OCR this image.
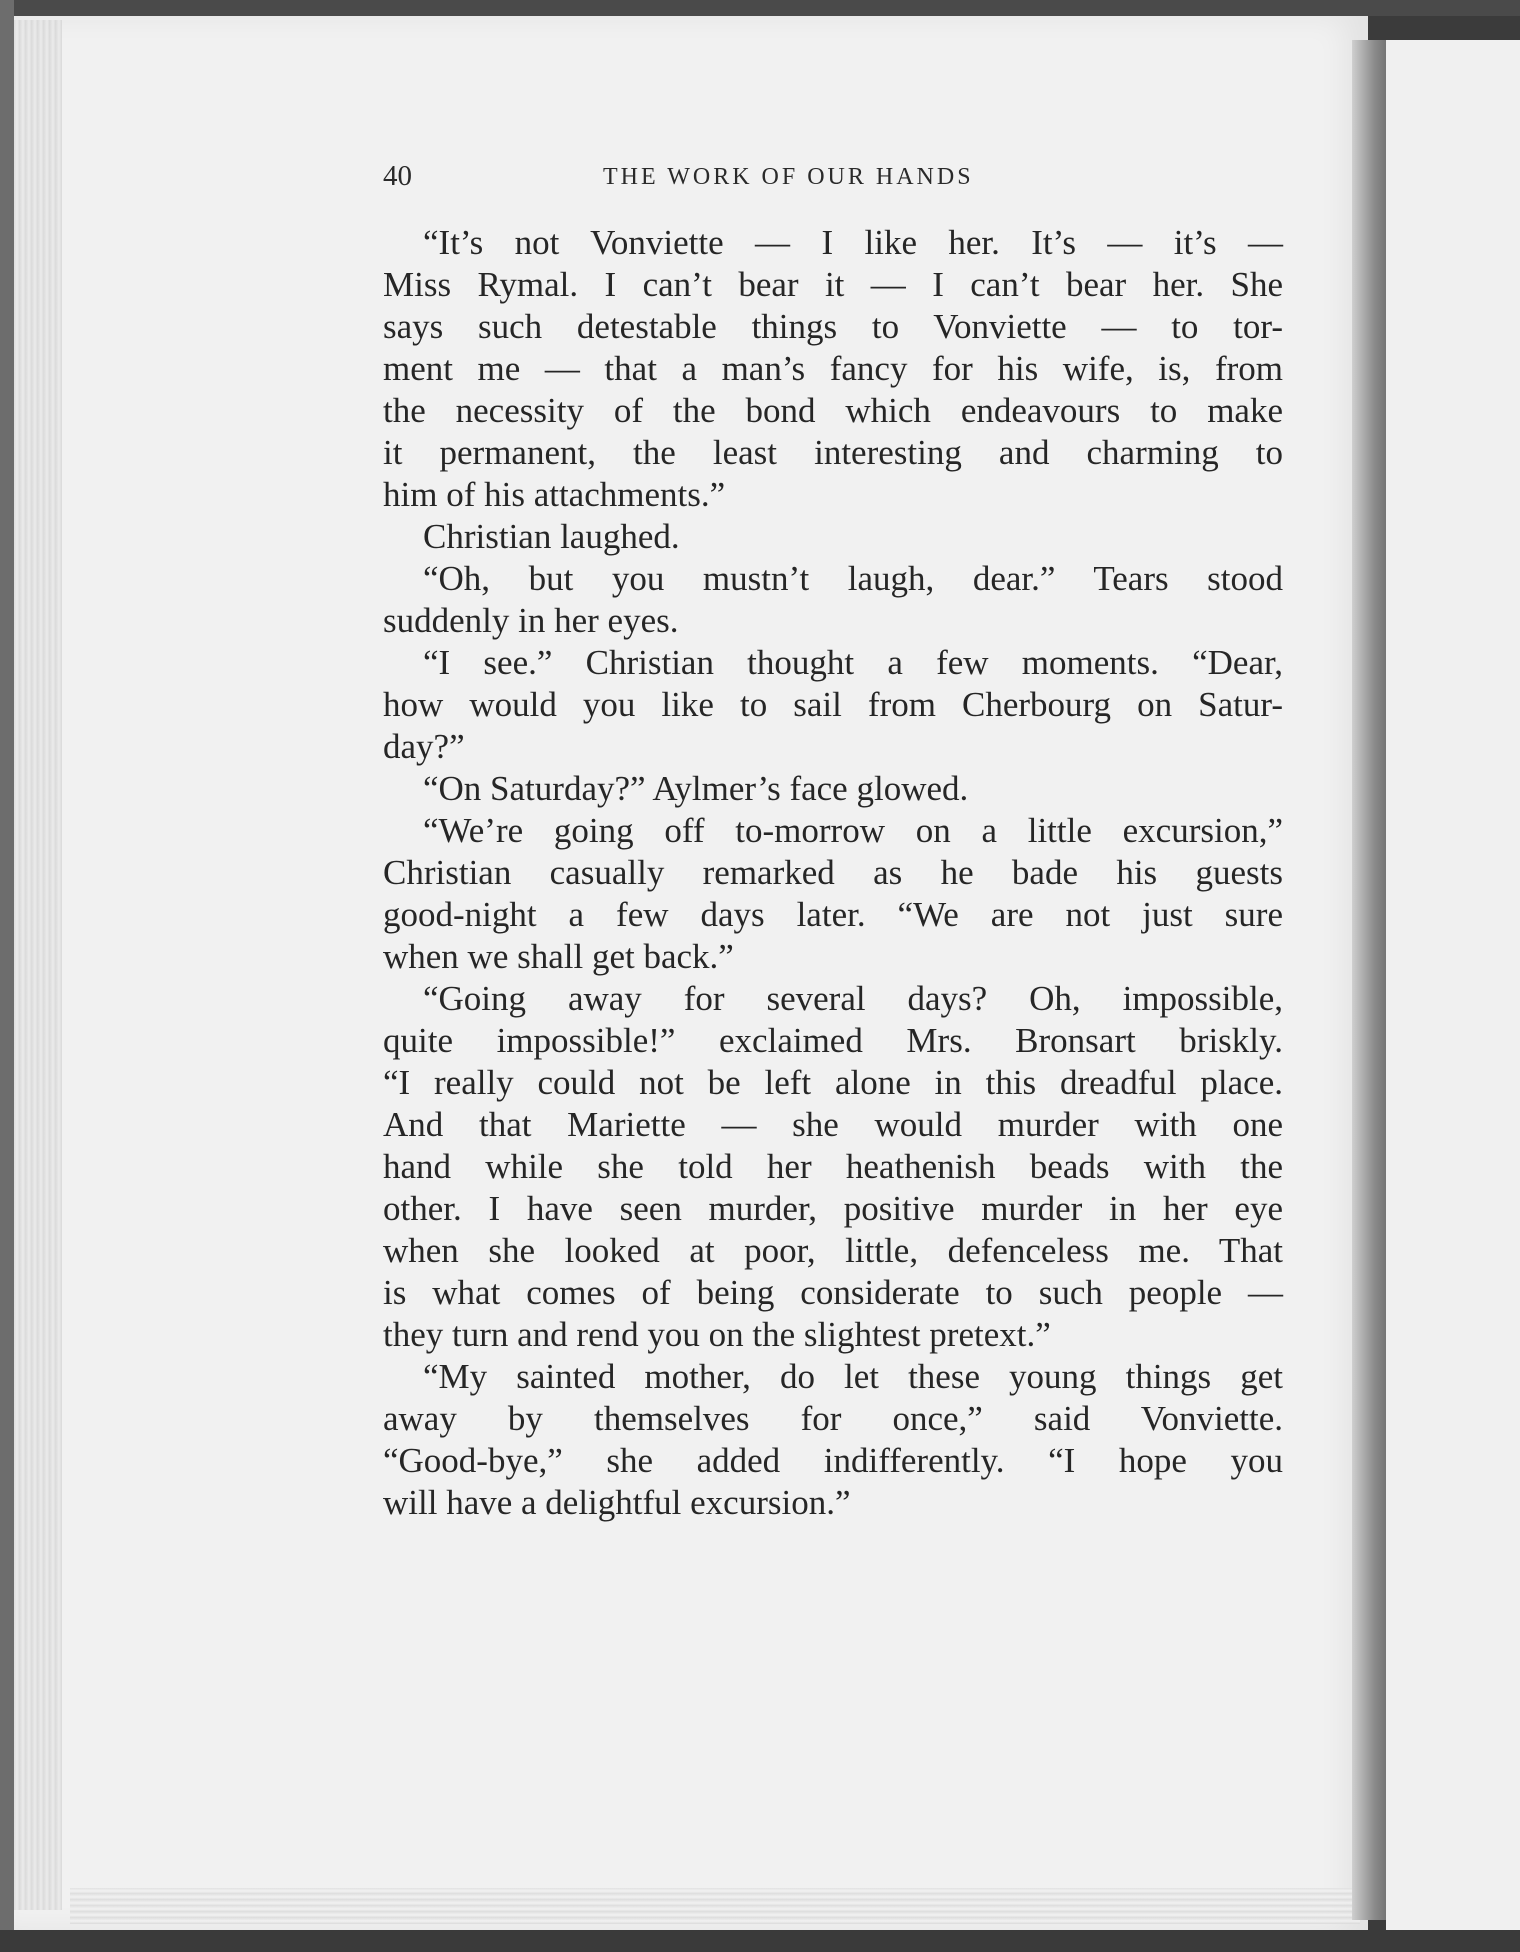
40	THE WORK OF OUR HANDS

“It’s not Vonviette — I like her. It’s — it’s —

Miss Rymal. I can’t bear it — I can’t bear her. She

says such detestable things to Vonviette — to tor-

ment me — that a man’s fancy for his wife, is, from

the necessity of the bond which endeavours to make

it permanent, the least interesting and charming to

him of his attachments.”

Christian laughed.

“Oh, but you mustn’t laugh, dear.” Tears stood

suddenly in her eyes.

“I see.” Christian thought a few moments. “Dear,

how would you like to sail from Cherbourg on Satur-

day?”

“On Saturday?” Aylmer’s face glowed.

“We’re going off to-morrow on a little excursion,”

Christian casually remarked as he bade his guests

good-night a few days later. “We are not just sure

when we shall get back.”

“Going away for several days? Oh, impossible,

quite impossible!” exclaimed Mrs. Bronsart briskly.

“I really could not be left alone in this dreadful place.

And that Mariette — she would murder with one

hand while she told her heathenish beads with the

other. I have seen murder, positive murder in her eye

when she looked at poor, little, defenceless me. That

is what comes of being considerate to such people —

they turn and rend you on the slightest pretext.”

“My sainted mother, do let these young things get

away by themselves for once,” said Vonviette.

“Good-bye,” she added indifferently. “I hope you

will have a delightful excursion.”
